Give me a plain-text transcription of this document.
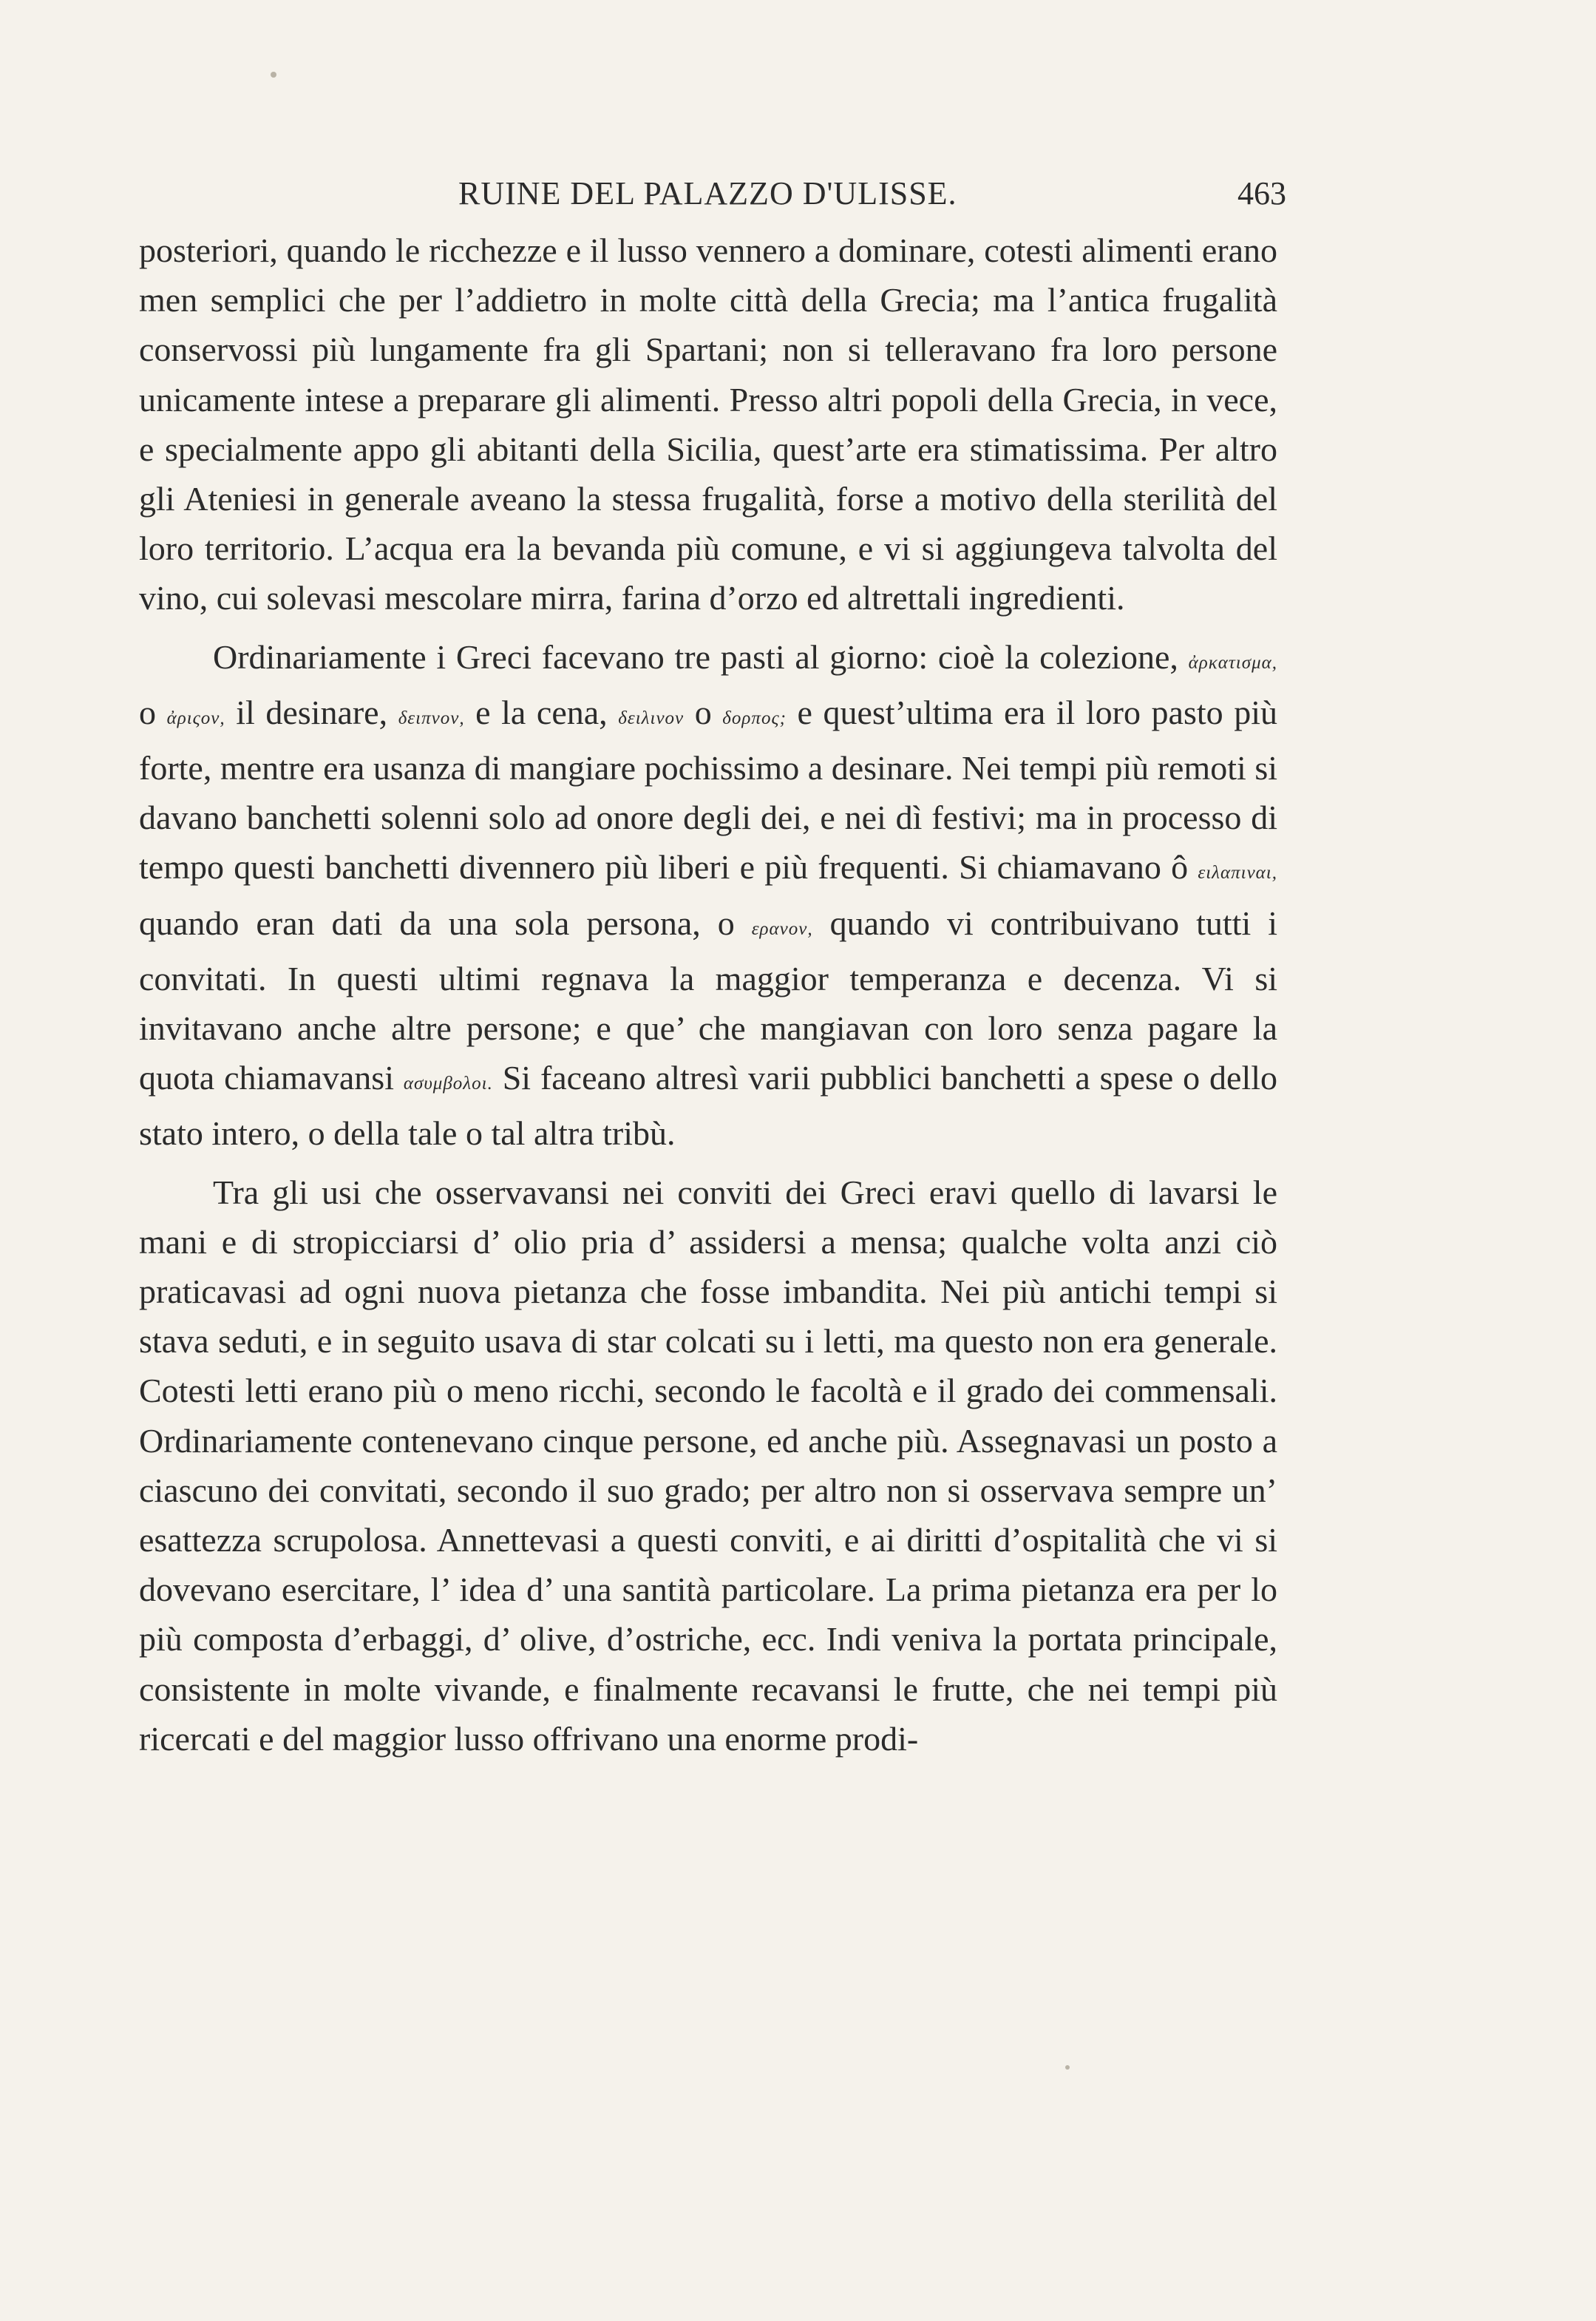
RUINE DEL PALAZZO D'ULISSE.	463

posteriori, quando le ricchezze e il lusso vennero a dominare, cotesti alimenti erano men semplici che per l’addietro in molte città della Grecia; ma l’antica frugalità conservossi più lungamente fra gli Spartani; non si telleravano fra loro persone unicamente intese a preparare gli alimenti. Presso altri popoli della Grecia, in vece, e specialmente appo gli abitanti della Sicilia, quest’arte era stimatissima. Per altro gli Ateniesi in generale aveano la stessa frugalità, forse a motivo della sterilità del loro territorio. L’acqua era la bevanda più comune, e vi si aggiungeva talvolta del vino, cui solevasi mescolare mirra, farina d’orzo ed altrettali ingredienti.

Ordinariamente i Greci facevano tre pasti al giorno: cioè la colezione, ἀρκατισμα, o ἀριςον, il desinare, δειπνον, e la cena, δειλινον o δορπος; e quest’ultima era il loro pasto più forte, mentre era usanza di mangiare pochissimo a desinare. Nei tempi più remoti si davano banchetti solenni solo ad onore degli dei, e nei dì festivi; ma in processo di tempo questi banchetti divennero più liberi e più frequenti. Si chiamavano ô ειλαπιναι, quando eran dati da una sola persona, o ερανον, quando vi contribuivano tutti i convitati. In questi ultimi regnava la maggior temperanza e decenza. Vi si invitavano anche altre persone; e que’ che mangiavan con loro senza pagare la quota chiamavansi ασυμβολοι. Si faceano altresì varii pubblici banchetti a spese o dello stato intero, o della tale o tal altra tribù.

Tra gli usi che osservavansi nei conviti dei Greci eravi quello di lavarsi le mani e di stropicciarsi d’ olio pria d’ assidersi a mensa; qualche volta anzi ciò praticavasi ad ogni nuova pietanza che fosse imbandita. Nei più antichi tempi si stava seduti, e in seguito usava di star colcati su i letti, ma questo non era generale. Cotesti letti erano più o meno ricchi, secondo le facoltà e il grado dei commensali. Ordinariamente contenevano cinque persone, ed anche più. Assegnavasi un posto a ciascuno dei convitati, secondo il suo grado; per altro non si osservava sempre un’ esattezza scrupolosa. Annettevasi a questi conviti, e ai diritti d’ospitalità che vi si dovevano esercitare, l’ idea d’ una santità particolare. La prima pietanza era per lo più composta d’erbaggi, d’ olive, d’ostriche, ecc. Indi veniva la portata principale, consistente in molte vivande, e finalmente recavansi le frutte, che nei tempi più ricercati e del maggior lusso offrivano una enorme prodi-
